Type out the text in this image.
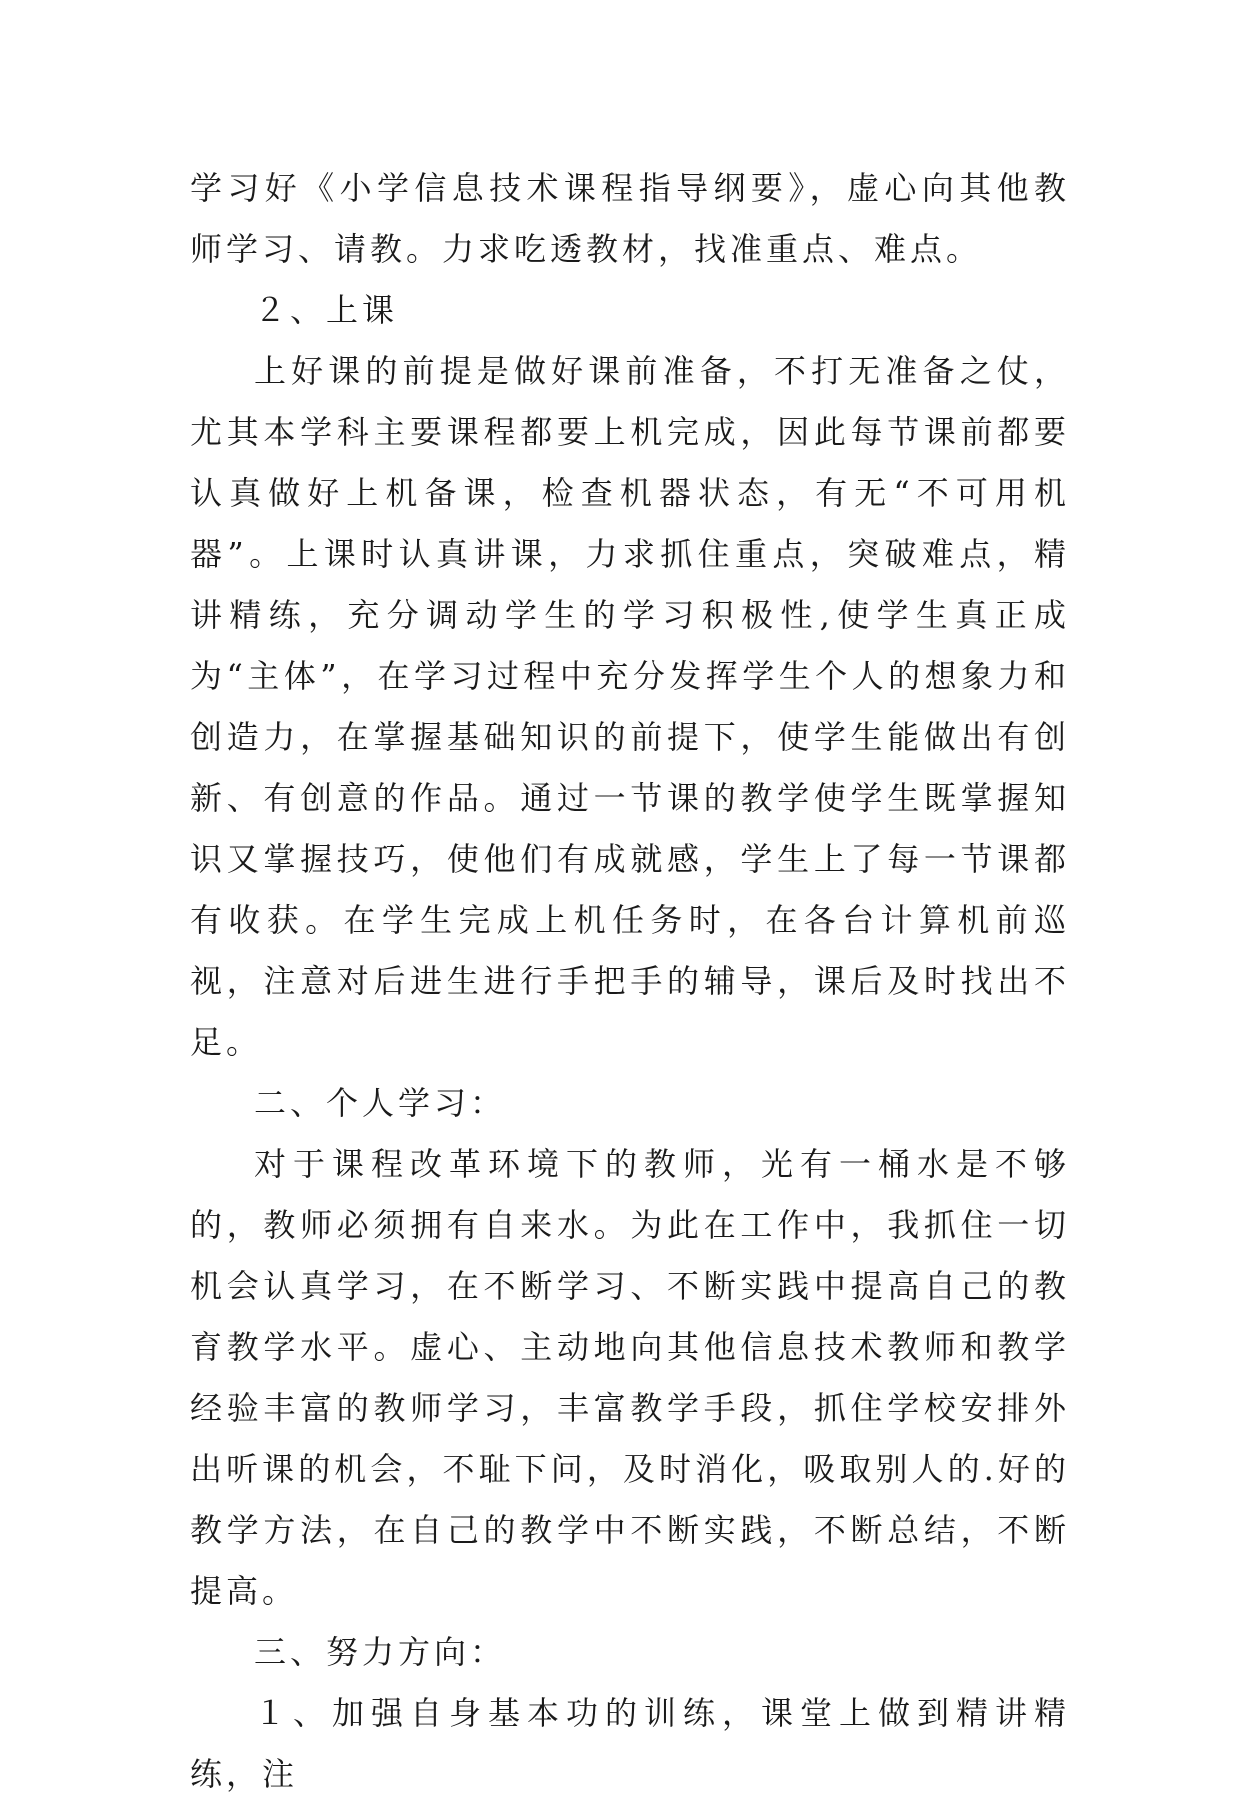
学习好《小学信息技术课程指导纲要》，虚心向其他教师学习、请教。力求吃透教材，找准重点、难点。

２、上课

上好课的前提是做好课前准备，不打无准备之仗，尤其本学科主要课程都要上机完成，因此每节课前都要认真做好上机备课，检查机器状态，有无“不可用机器”。上课时认真讲课，力求抓住重点，突破难点，精讲精练，充分调动学生的学习积极性,使学生真正成为“主体”，在学习过程中充分发挥学生个人的想象力和创造力，在掌握基础知识的前提下，使学生能做出有创新、有创意的作品。通过一节课的教学使学生既掌握知识又掌握技巧，使他们有成就感，学生上了每一节课都有收获。在学生完成上机任务时，在各台计算机前巡视，注意对后进生进行手把手的辅导，课后及时找出不足。

二、个人学习：

对于课程改革环境下的教师，光有一桶水是不够的，教师必须拥有自来水。为此在工作中，我抓住一切机会认真学习，在不断学习、不断实践中提高自己的教育教学水平。虚心、主动地向其他信息技术教师和教学经验丰富的教师学习，丰富教学手段，抓住学校安排外出听课的机会，不耻下问，及时消化，吸取别人的.好的教学方法，在自己的教学中不断实践，不断总结，不断提高。

三、努力方向：

１、加强自身基本功的训练，课堂上做到精讲精练，注
